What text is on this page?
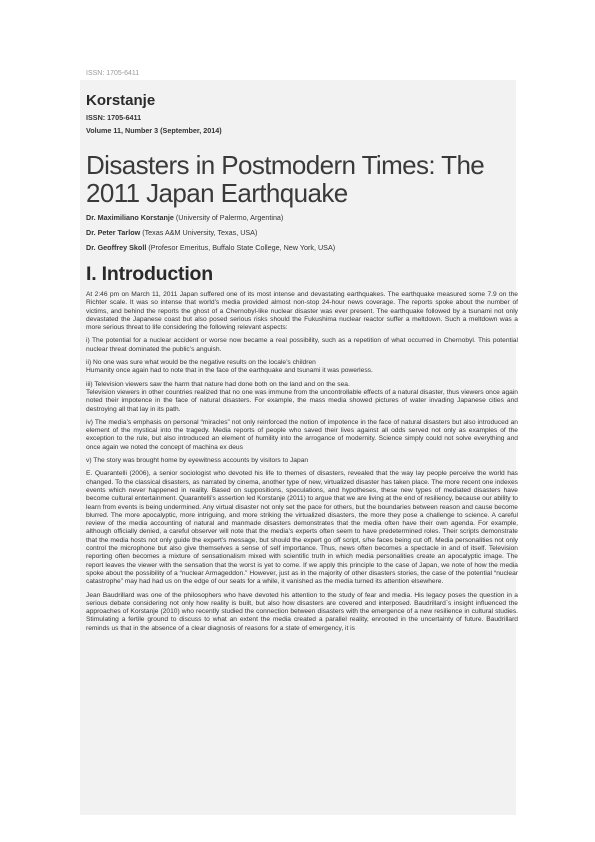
ISSN: 1705-6411
Korstanje
ISSN: 1705-6411
Volume 11, Number 3 (September, 2014)
Disasters in Postmodern Times: The 2011 Japan Earthquake
Dr. Maximiliano Korstanje (University of Palermo, Argentina)
Dr. Peter Tarlow (Texas A&M University, Texas, USA)
Dr. Geoffrey Skoll (Profesor Emeritus, Buffalo State College, New York, USA)
I. Introduction

At 2:46 pm on March 11, 2011 Japan suffered one of its most intense and devastating earthquakes. The earthquake measured some 7.9 on the Richter scale. It was so intense that world’s media provided almost non-stop 24-hour news coverage. The reports spoke about the number of victims, and behind the reports the ghost of a Chernobyl-like nuclear disaster was ever present. The earthquake followed by a tsunami not only devastated the Japanese coast but also posed serious risks should the Fukushima nuclear reactor suffer a meltdown. Such a meltdown was a more serious threat to life considering the following relevant aspects:

i) The potential for a nuclear accident or worse now became a real possibility, such as a repetition of what occurred in Chernobyl. This potential nuclear threat dominated the public’s anguish.

ii) No one was sure what would be the negative results on the locale’s children

Humanity once again had to note that in the face of the earthquake and tsunami it was powerless.

iii) Television viewers saw the harm that nature had done both on the land and on the sea.

Television viewers in other countries realized that no one was immune from the uncontrollable effects of a natural disaster, thus viewers once again noted their impotence in the face of natural disasters. For example, the mass media showed pictures of water invading Japanese cities and destroying all that lay in its path.

iv) The media’s emphasis on personal “miracles” not only reinforced the notion of impotence in the face of natural disasters but also introduced an element of the mystical into the tragedy. Media reports of people who saved their lives against all odds served not only as examples of the exception to the rule, but also introduced an element of humility into the arrogance of modernity. Science simply could not solve everything and once again we noted the concept of machina ex deus

v) The story was brought home by eyewitness accounts by visitors to Japan

E. Quarantelli (2006), a senior sociologist who devoted his life to themes of disasters, revealed that the way lay people perceive the world has changed. To the classical disasters, as narrated by cinema, another type of new, virtualized disaster has taken place. The more recent one indexes events which never happened in reality. Based on suppositions, speculations, and hypotheses, these new types of mediated disasters have become cultural entertainment. Quarantelli’s assertion led Korstanje (2011) to argue that we are living at the end of resiliency, because our ability to learn from events is being undermined. Any virtual disaster not only set the pace for others, but the boundaries between reason and cause become blurred. The more apocalyptic, more intriguing, and more striking the virtualized disasters, the more they pose a challenge to science. A careful review of the media accounting of natural and manmade disasters demonstrates that the media often have their own agenda. For example, although officially denied, a careful observer will note that the media’s experts often seem to have predetermined roles. Their scripts demonstrate that the media hosts not only guide the expert’s message, but should the expert go off script, s/he faces being cut off. Media personalities not only control the microphone but also give themselves a sense of self importance. Thus, news often becomes a spectacle in and of itself. Television reporting often becomes a mixture of sensationalism mixed with scientific truth in which media personalities create an apocalyptic image. The report leaves the viewer with the sensation that the worst is yet to come. If we apply this principle to the case of Japan, we note of how the media spoke about the possibility of a “nuclear Armageddon.” However, just as in the majority of other disasters stories, the case of the potential “nuclear catastrophe” may had had us on the edge of our seats for a while, it vanished as the media turned its attention elsewhere.

Jean Baudrillard was one of the philosophers who have devoted his attention to the study of fear and media. His legacy poses the question in a serious debate considering not only how reality is built, but also how disasters are covered and interposed. Baudrillard`s insight influenced the approaches of Korstanje (2010) who recently studied the connection between disasters with the emergence of a new resilience in cultural studies. Stimulating a fertile ground to discuss to what an extent the media created a parallel reality, enrooted in the uncertainty of future. Baudrillard reminds us that in the absence of a clear diagnosis of reasons for a state of emergency, it is
